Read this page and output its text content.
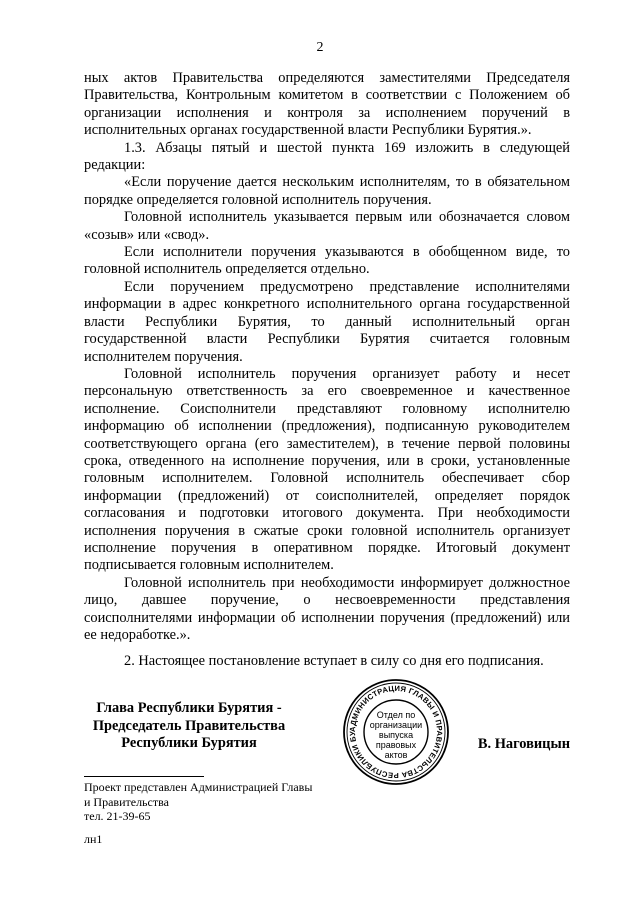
2

ных актов Правительства определяются заместителями Председателя Правительства, Контрольным комитетом в соответствии с Положением об организации исполнения и контроля за исполнением поручений в исполнительных органах государственной власти Республики Бурятия.».

1.3. Абзацы пятый и шестой пункта 169 изложить в следующей редакции:

«Если поручение дается нескольким исполнителям, то в обязательном порядке определяется головной исполнитель поручения.

Головной исполнитель указывается первым или обозначается словом «созыв» или «свод».

Если исполнители поручения указываются в обобщенном виде, то головной исполнитель определяется отдельно.

Если поручением предусмотрено представление исполнителями информации в адрес конкретного исполнительного органа государственной власти Республики Бурятия, то данный исполнительный орган государственной власти Республики Бурятия считается головным исполнителем поручения.

Головной исполнитель поручения организует работу и несет персональную ответственность за его своевременное и качественное исполнение. Соисполнители представляют головному исполнителю информацию об исполнении (предложения), подписанную руководителем соответствующего органа (его заместителем), в течение первой половины срока, отведенного на исполнение поручения, или в сроки, установленные головным исполнителем. Головной исполнитель обеспечивает сбор информации (предложений) от соисполнителей, определяет порядок согласования и подготовки итогового документа. При необходимости исполнения поручения в сжатые сроки головной исполнитель организует исполнение поручения в оперативном порядке. Итоговый документ подписывается головным исполнителем.

Головной исполнитель при необходимости информирует должностное лицо, давшее поручение, о несвоевременности представления соисполнителями информации об исполнении поручения (предложений) или ее недоработке.».

2. Настоящее постановление вступает в силу со дня его подписания.

Глава Республики Бурятия -
Председатель Правительства
Республики Бурятия
АДМИНИСТРАЦИЯ ГЛАВЫ И ПРАВИТЕЛЬСТВА РЕСПУБЛИКИ БУ
Отдел по
организации
выпуска
правовых
актов
В. Наговицын
Проект представлен Администрацией Главы
и Правительства
тел. 21-39-65
лн1
